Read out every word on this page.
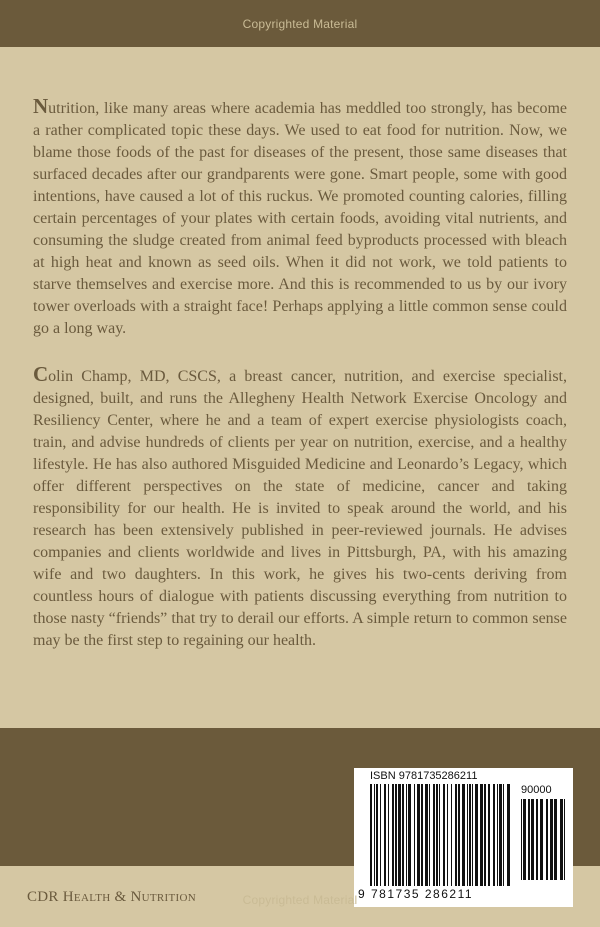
Copyrighted Material

Nutrition, like many areas where academia has meddled too strongly, has become a rather complicated topic these days. We used to eat food for nutrition. Now, we blame those foods of the past for diseases of the present, those same diseases that surfaced decades after our grandparents were gone. Smart people, some with good intentions, have caused a lot of this ruckus. We promoted counting calories, filling certain percentages of your plates with certain foods, avoiding vital nutrients, and consuming the sludge created from animal feed byproducts processed with bleach at high heat and known as seed oils. When it did not work, we told patients to starve themselves and exercise more. And this is recommended to us by our ivory tower overloads with a straight face! Perhaps applying a little common sense could go a long way.

Colin Champ, MD, CSCS, a breast cancer, nutrition, and exercise specialist, designed, built, and runs the Allegheny Health Network Exercise Oncology and Resiliency Center, where he and a team of expert exercise physiologists coach, train, and advise hundreds of clients per year on nutrition, exercise, and a healthy lifestyle. He has also authored Misguided Medicine and Leonardo’s Legacy, which offer different perspectives on the state of medicine, cancer and taking responsibility for our health. He is invited to speak around the world, and his research has been extensively published in peer-reviewed journals. He advises companies and clients worldwide and lives in Pittsburgh, PA, with his amazing wife and two daughters. In this work, he gives his two-cents deriving from countless hours of dialogue with patients discussing everything from nutrition to those nasty “friends” that try to derail our efforts. A simple return to common sense may be the first step to regaining our health.

CDR Health & Nutrition
ISBN 9781735286211
90000
9 781735 286211
Copyrighted Material
